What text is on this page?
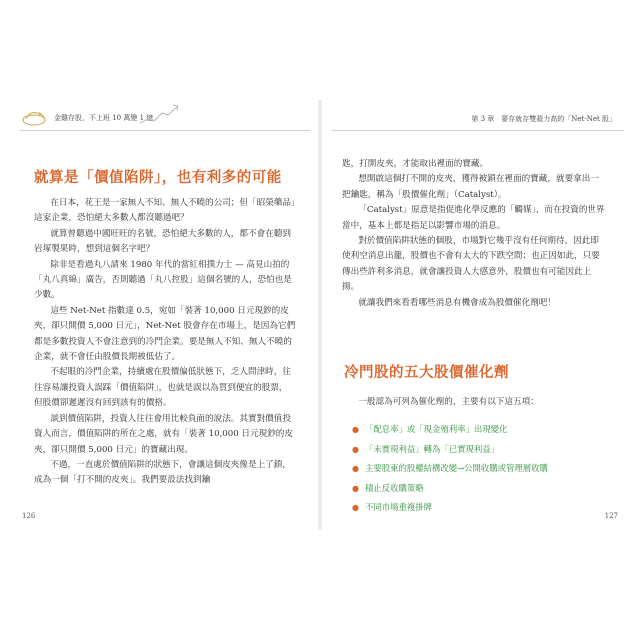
金雞存股，不上班 10 萬變 1 億	第 3 章　要存就存雙殺力高的「Net-Net 股」
就算是「價值陷阱」，也有利多的可能

在日本，花王是一家無人不知、無人不曉的公司；但「昭榮藥品」這家企業，恐怕絕大多數人都沒聽過吧？

就算曾聽過中國旺旺的名號，恐怕絕大多數的人，都不會在聽到岩塚製果時，想到這個名字吧？

除非是看過丸八請來 1980 年代的當紅相撲力士 — 高見山拍的「丸八真綿」廣告，否則聽過「丸八控股」這個名號的人，恐怕也是少數。

這些 Net-Net 指數達 0.5，宛如「裝著 10,000 日元現鈔的皮夾，卻只開價 5,000 日元」，Net-Net 股會存在市場上，是因為它們都是多數投資人不會注意到的冷門企業。要是無人不知、無人不曉的企業，就不會任由股價長期被低估了。

不起眼的冷門企業，持續處在股價偏低狀態下，乏人問津時，往往容易讓投資人誤踩「價值陷阱」，也就是誤以為買到便宜的股票，但股價卻遲遲沒有回到該有的價格。

談到價值陷阱，投資人往往會用比較負面的說法。其實對價值投資人而言，價值陷阱的所在之處，就有「裝著 10,000 日元現鈔的皮夾，卻只開價 5,000 日元」的寶藏出現。

不過，一直處於價值陷阱的狀態下，會讓這個皮夾像是上了鎖，成為一個「打不開的皮夾」。我們要設法找到鑰

126

匙，打開皮夾，才能取出裡面的寶藏。

想開啟這個打不開的皮夾，獲得被鎖在裡面的寶藏，就要拿出一把鑰匙，稱為「股價催化劑」（Catalyst）。

「Catalyst」原意是指促進化學反應的「觸媒」，而在投資的世界當中，基本上都是指足以影響市場的消息。

對於價值陷阱狀態的個股，市場對它幾乎沒有任何期待，因此即使利空消息出籠，股價也不會有太大的下跌空間；也正因如此，只要傳出些許利多消息，就會讓投資人大感意外，股價也有可能因此上揚。

就讓我們來看看哪些消息有機會成為股價催化劑吧！

冷門股的五大股價催化劑
一般認為可列為催化劑的，主要有以下這五項：
● 「配息率」或「現金殖利率」出現變化
● 「未實現利益」轉為「已實現利益」
● 主要股東的股權結構改變→公開收購或管理層收購
● 積止反收購策略
● 不同市場重複掛牌
127
